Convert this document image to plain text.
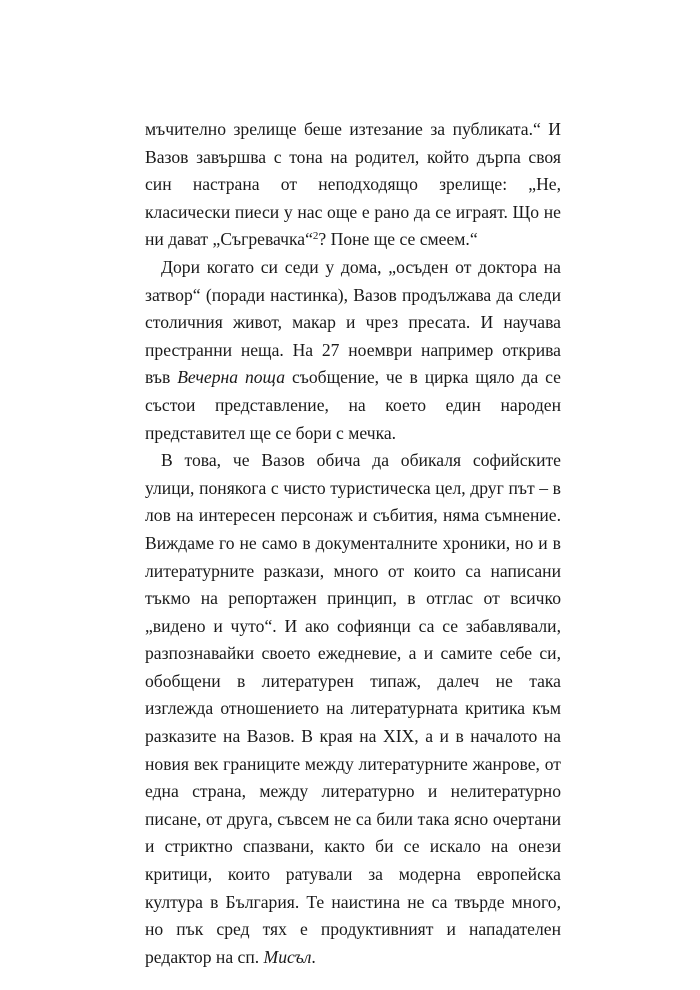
мъчително зрелище беше изтезание за публиката.“ И Вазов завършва с тона на родител, който дърпа своя син настрана от неподходящо зрелище: „Не, класически пиеси у нас още е рано да се играят. Що не ни дават „Съгревачка“$^2$? Поне ще се смеем.“

Дори когато си седи у дома, „осъден от доктора на затвор“ (поради настинка), Вазов продължава да следи столичния живот, макар и чрез пресата. И научава престранни неща. На 27 ноември например открива във Вечерна поща съобщение, че в цирка щяло да се състои представление, на което един народен представител ще се бори с мечка.

В това, че Вазов обича да обикаля софийските улици, понякога с чисто туристическа цел, друг път – в лов на интересен персонаж и събития, няма съмнение. Виждаме го не само в документалните хроники, но и в литературните разкази, много от които са написани тъкмо на репортажен принцип, в отглас от всичко „видено и чуто“. И ако софиянци са се забавлявали, разпознавайки своето ежедневие, а и самите себе си, обобщени в литературен типаж, далеч не така изглежда отношението на литературната критика към разказите на Вазов. В края на XIX, а и в началото на новия век границите между литературните жанрове, от една страна, между литературно и нелитературно писане, от друга, съвсем не са били така ясно очертани и стриктно спазвани, както би се искало на онези критици, които ратували за модерна европейска култура в България. Те наистина не са твърде много, но пък сред тях е продуктивният и нападателен редактор на сп. Мисъл.
